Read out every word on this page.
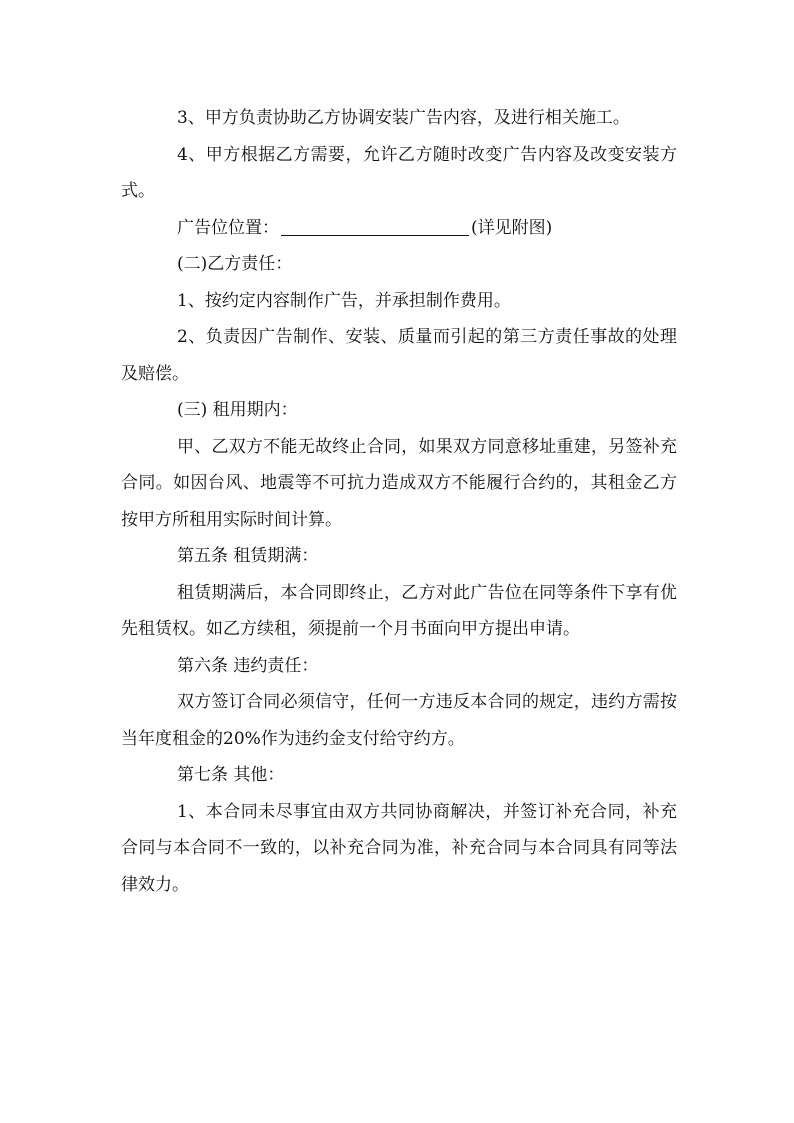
3、甲方负责协助乙方协调安装广告内容，及进行相关施工。

4、甲方根据乙方需要，允许乙方随时改变广告内容及改变安装方式。

广告位位置：	(详见附图)

(二)乙方责任：

1、按约定内容制作广告，并承担制作费用。

2、负责因广告制作、安装、质量而引起的第三方责任事故的处理及赔偿。

(三) 租用期内：

甲、乙双方不能无故终止合同，如果双方同意移址重建，另签补充合同。如因台风、地震等不可抗力造成双方不能履行合约的，其租金乙方按甲方所租用实际时间计算。

第五条 租赁期满：

租赁期满后，本合同即终止，乙方对此广告位在同等条件下享有优先租赁权。如乙方续租，须提前一个月书面向甲方提出申请。

第六条 违约责任：

双方签订合同必须信守，任何一方违反本合同的规定，违约方需按当年度租金的20%作为违约金支付给守约方。

第七条 其他：

1、本合同未尽事宜由双方共同协商解决，并签订补充合同，补充合同与本合同不一致的，以补充合同为准，补充合同与本合同具有同等法律效力。
